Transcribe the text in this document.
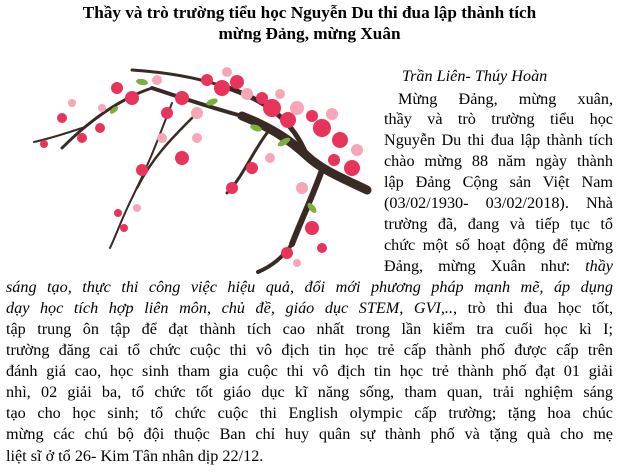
Thầy và trò trường tiểu học Nguyễn Du thi đua lập thành tích
mừng Đảng, mừng Xuân
Trần Liên- Thúy Hoàn
Mừng Đảng, mừng xuân,
thầy và trò trường tiểu học
Nguyễn Du thi đua lập thành tích
chào mừng 88 năm ngày thành
lập Đảng Cộng sản Việt Nam
(03/02/1930- 03/02/2018). Nhà
trường đã, đang và tiếp tục tổ
chức một số hoạt động để mừng
Đảng, mừng Xuân như: thầy
sáng tạo, thực thi công việc hiệu quả, đổi mới phương pháp mạnh mẽ, áp dụng
dạy học tích hợp liên môn, chủ đề, giáo dục STEM, GVI,.., trò thi đua học tốt,
tập trung ôn tập để đạt thành tích cao nhất trong lần kiểm tra cuối học kì I;
trường đăng cai tổ chức cuộc thi vô địch tin học trẻ cấp thành phố được cấp trên
đánh giá cao, học sinh tham gia cuộc thi vô địch tin học trẻ thành phố đạt 01 giải
nhì, 02 giải ba, tổ chức tốt giáo dục kĩ năng sống, tham quan, trải nghiệm sáng
tạo cho học sinh; tổ chức cuộc thi English olympic cấp trường; tặng hoa chúc
mừng các chú bộ đội thuộc Ban chỉ huy quân sự thành phố và tặng quà cho mẹ
liệt sĩ ở tổ 26- Kim Tân nhân dịp 22/12.
